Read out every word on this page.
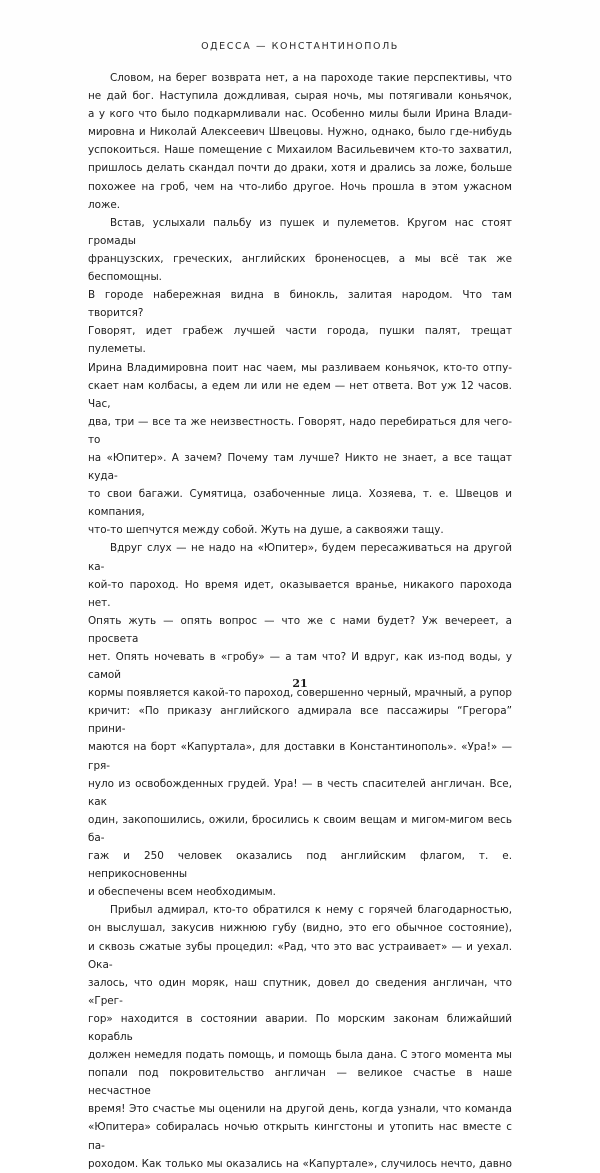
ОДЕССА — КОНСТАНТИНОПОЛЬ

Словом, на берег возврата нет, а на пароходе такие перспективы, что

не дай бог. Наступила дождливая, сырая ночь, мы потягивали коньячок,

а у кого что было подкармливали нас. Особенно милы были Ирина Влади-

мировна и Николай Алексеевич Швецовы. Нужно, однако, было где-нибудь

успокоиться. Наше помещение с Михаилом Васильевичем кто-то захватил,

пришлось делать скандал почти до драки, хотя и дрались за ложе, больше

похожее на гроб, чем на что-либо другое. Ночь прошла в этом ужасном ложе.

Встав, услыхали пальбу из пушек и пулеметов. Кругом нас стоят громады

французских, греческих, английских броненосцев, а мы всё так же беспомощны.

В городе набережная видна в бинокль, залитая народом. Что там творится?

Говорят, идет грабеж лучшей части города, пушки палят, трещат пулеметы.

Ирина Владимировна поит нас чаем, мы разливаем коньячок, кто-то отпу-

скает нам колбасы, а едем ли или не едем — нет ответа. Вот уж 12 часов. Час,

два, три — все та же неизвестность. Говорят, надо перебираться для чего-то

на «Юпитер». А зачем? Почему там лучше? Никто не знает, а все тащат куда-

то свои багажи. Сумятица, озабоченные лица. Хозяева, т. е. Швецов и компания,

что-то шепчутся между собой. Жуть на душе, а саквояжи тащу.

Вдруг слух — не надо на «Юпитер», будем пересаживаться на другой ка-

кой-то пароход. Но время идет, оказывается вранье, никакого парохода нет.

Опять жуть — опять вопрос — что же с нами будет? Уж вечереет, а просвета

нет. Опять ночевать в «гробу» — а там что? И вдруг, как из-под воды, у самой

кормы появляется какой-то пароход, совершенно черный, мрачный, а рупор

кричит: «По приказу английского адмирала все пассажиры “Грегора” прини-

маются на борт «Капуртала», для доставки в Константинополь». «Ура!» — гря-

нуло из освобожденных грудей. Ура! — в честь спасителей англичан. Все, как

один, закопошились, ожили, бросились к своим вещам и мигом-мигом весь ба-

гаж и 250 человек оказались под английским флагом, т. е. неприкосновенны

и обеспечены всем необходимым.

Прибыл адмирал, кто-то обратился к нему с горячей благодарностью,

он выслушал, закусив нижнюю губу (видно, это его обычное состояние),

и сквозь сжатые зубы процедил: «Рад, что это вас устраивает» — и уехал. Ока-

залось, что один моряк, наш спутник, довел до сведения англичан, что «Грег-

гор» находится в состоянии аварии. По морским законам ближайший корабль

должен немедля подать помощь, и помощь была дана. С этого момента мы

попали под покровительство англичан — великое счастье в наше несчастное

время! Это счастье мы оценили на другой день, когда узнали, что команда

«Юпитера» собиралась ночью открыть кингстоны и утопить нас вместе с па-

роходом. Как только мы оказались на «Капуртале», случилось нечто, давно

21
